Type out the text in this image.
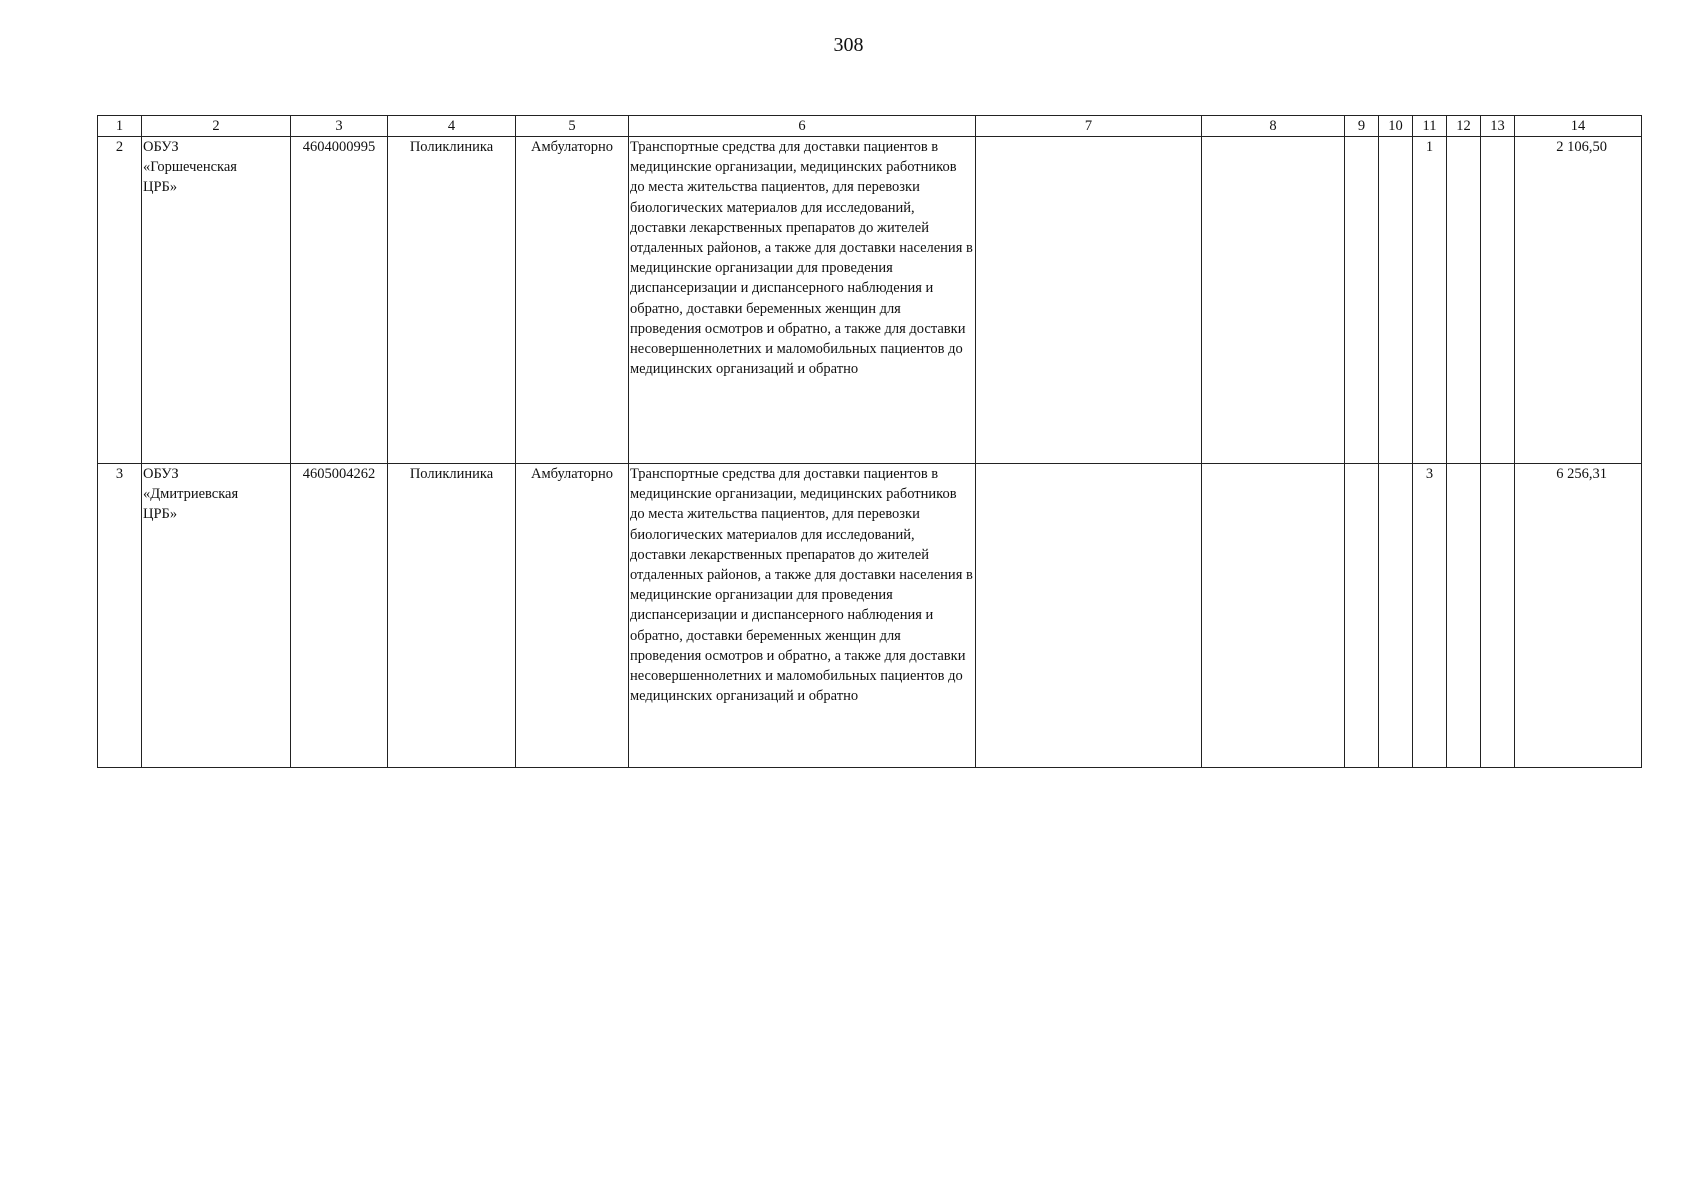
308
1	2	3	4	5	6	7	8	9	10	11	12	13	14
2	ОБУЗ «Горшеченская ЦРБ»	4604000995	Поликлиника	Амбулаторно	Транспортные средства для доставки пациентов в медицинские организации, медицинских работников до места жительства пациентов, для перевозки биологических материалов для исследований, доставки лекарственных препаратов до жителей отдаленных районов, а также для доставки населения в медицинские организации для проведения диспансеризации и диспансерного наблюдения и обратно, доставки беременных женщин для проведения осмотров и обратно, а также для доставки несовершеннолетних и маломобильных пациентов до медицинских организаций и обратно					1			2 106,50
3	ОБУЗ «Дмитриевская ЦРБ»	4605004262	Поликлиника	Амбулаторно	Транспортные средства для доставки пациентов в медицинские организации, медицинских работников до места жительства пациентов, для перевозки биологических материалов для исследований, доставки лекарственных препаратов до жителей отдаленных районов, а также для доставки населения в медицинские организации для проведения диспансеризации и диспансерного наблюдения и обратно, доставки беременных женщин для проведения осмотров и обратно, а также для доставки несовершеннолетних и маломобильных пациентов до медицинских организаций и обратно					3			6 256,31
